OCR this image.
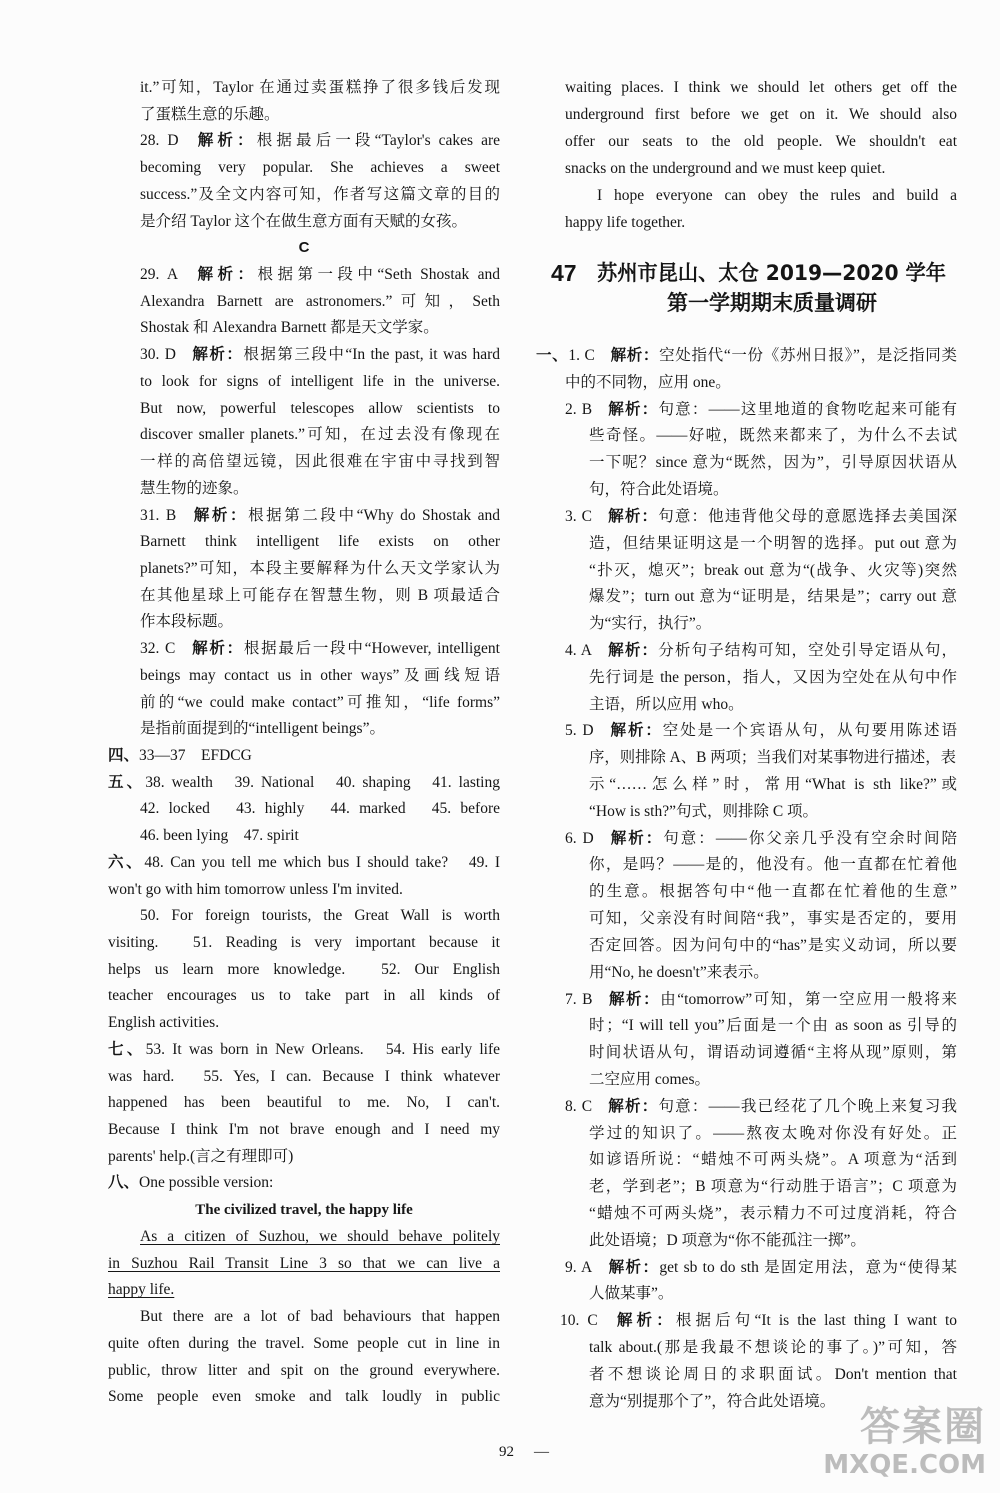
it.”可知，Taylor 在通过卖蛋糕挣了很多钱后发现
了蛋糕生意的乐趣。
28. D 解析：根据最后一段“Taylor's cakes are
becoming very popular. She achieves a sweet
success.”及全文内容可知，作者写这篇文章的目的
是介绍 Taylor 这个在做生意方面有天赋的女孩。
C
29. A 解析：根据第一段中“Seth Shostak and
Alexandra Barnett are astronomers.”可知，Seth
Shostak 和 Alexandra Barnett 都是天文学家。
30. D 解析：根据第三段中“In the past, it was hard
to look for signs of intelligent life in the universe.
But now, powerful telescopes allow scientists to
discover smaller planets.”可知，在过去没有像现在
一样的高倍望远镜，因此很难在宇宙中寻找到智
慧生物的迹象。
31. B 解析：根据第二段中“Why do Shostak and
Barnett think intelligent life exists on other
planets?”可知，本段主要解释为什么天文学家认为
在其他星球上可能存在智慧生物，则 B 项最适合
作本段标题。
32. C 解析：根据最后一段中“However, intelligent
beings may contact us in other ways”及画线短语
前的“we could make contact”可推知，“life forms”
是指前面提到的“intelligent beings”。
四、33—37　EFDCG
五、38. wealth　39. National　40. shaping　41. lasting
42. locked　43. highly　44. marked　45. before
46. been lying　47. spirit
六、48. Can you tell me which bus I should take?　49. I
won't go with him tomorrow unless I'm invited.
50. For foreign tourists, the Great Wall is worth
visiting.　51. Reading is very important because it
helps us learn more knowledge.　52. Our English
teacher encourages us to take part in all kinds of
English activities.
七、53. It was born in New Orleans.　54. His early life
was hard.　55. Yes, I can. Because I think whatever
happened has been beautiful to me. No, I can't.
Because I think I'm not brave enough and I need my
parents' help.(言之有理即可)
八、One possible version:
The civilized travel, the happy life
As a citizen of Suzhou, we should behave politely
in Suzhou Rail Transit Line 3 so that we can live a
happy life.
But there are a lot of bad behaviours that happen
quite often during the travel. Some people cut in line in
public, throw litter and spit on the ground everywhere.
Some people even smoke and talk loudly in public
waiting places. I think we should let others get off the
underground first before we get on it. We should also
offer our seats to the old people. We shouldn't eat
snacks on the underground and we must keep quiet.
I hope everyone can obey the rules and build a
happy life together.
47 苏州市昆山、太仓 2019—2020 学年
第一学期期末质量调研
一、1. C 解析：空处指代“一份《苏州日报》”，是泛指同类
中的不同物，应用 one。
2. B 解析：句意：——这里地道的食物吃起来可能有
些奇怪。——好啦，既然来都来了，为什么不去试
一下呢？since 意为“既然，因为”，引导原因状语从
句，符合此处语境。
3. C 解析：句意：他违背他父母的意愿选择去美国深
造，但结果证明这是一个明智的选择。put out 意为
“扑灭，熄灭”；break out 意为“(战争、火灾等)突然
爆发”；turn out 意为“证明是，结果是”；carry out 意
为“实行，执行”。
4. A 解析：分析句子结构可知，空处引导定语从句，
先行词是 the person，指人，又因为空处在从句中作
主语，所以应用 who。
5. D 解析：空处是一个宾语从句，从句要用陈述语
序，则排除 A、B 两项；当我们对某事物进行描述，表
示“……怎么样”时，常用“What is sth like?”或
“How is sth?”句式，则排除 C 项。
6. D 解析：句意：——你父亲几乎没有空余时间陪
你，是吗？——是的，他没有。他一直都在忙着他
的生意。根据答句中“他一直都在忙着他的生意”
可知，父亲没有时间陪“我”，事实是否定的，要用
否定回答。因为问句中的“has”是实义动词，所以要
用“No, he doesn't”来表示。
7. B 解析：由“tomorrow”可知，第一空应用一般将来
时；“I will tell you”后面是一个由 as soon as 引导的
时间状语从句，谓语动词遵循“主将从现”原则，第
二空应用 comes。
8. C 解析：句意：——我已经花了几个晚上来复习我
学过的知识了。——熬夜太晚对你没有好处。正
如谚语所说：“蜡烛不可两头烧”。A 项意为“活到
老，学到老”；B 项意为“行动胜于语言”；C 项意为
“蜡烛不可两头烧”，表示精力不可过度消耗，符合
此处语境；D 项意为“你不能孤注一掷”。
9. A 解析：get sb to do sth 是固定用法，意为“使得某
人做某事”。
10. C 解析：根据后句“It is the last thing I want to
talk about.(那是我最不想谈论的事了。)”可知，答
者不想谈论周日的求职面试。Don't mention that
意为“别提那个了”，符合此处语境。
92 —
答案圈
MXQE.COM
